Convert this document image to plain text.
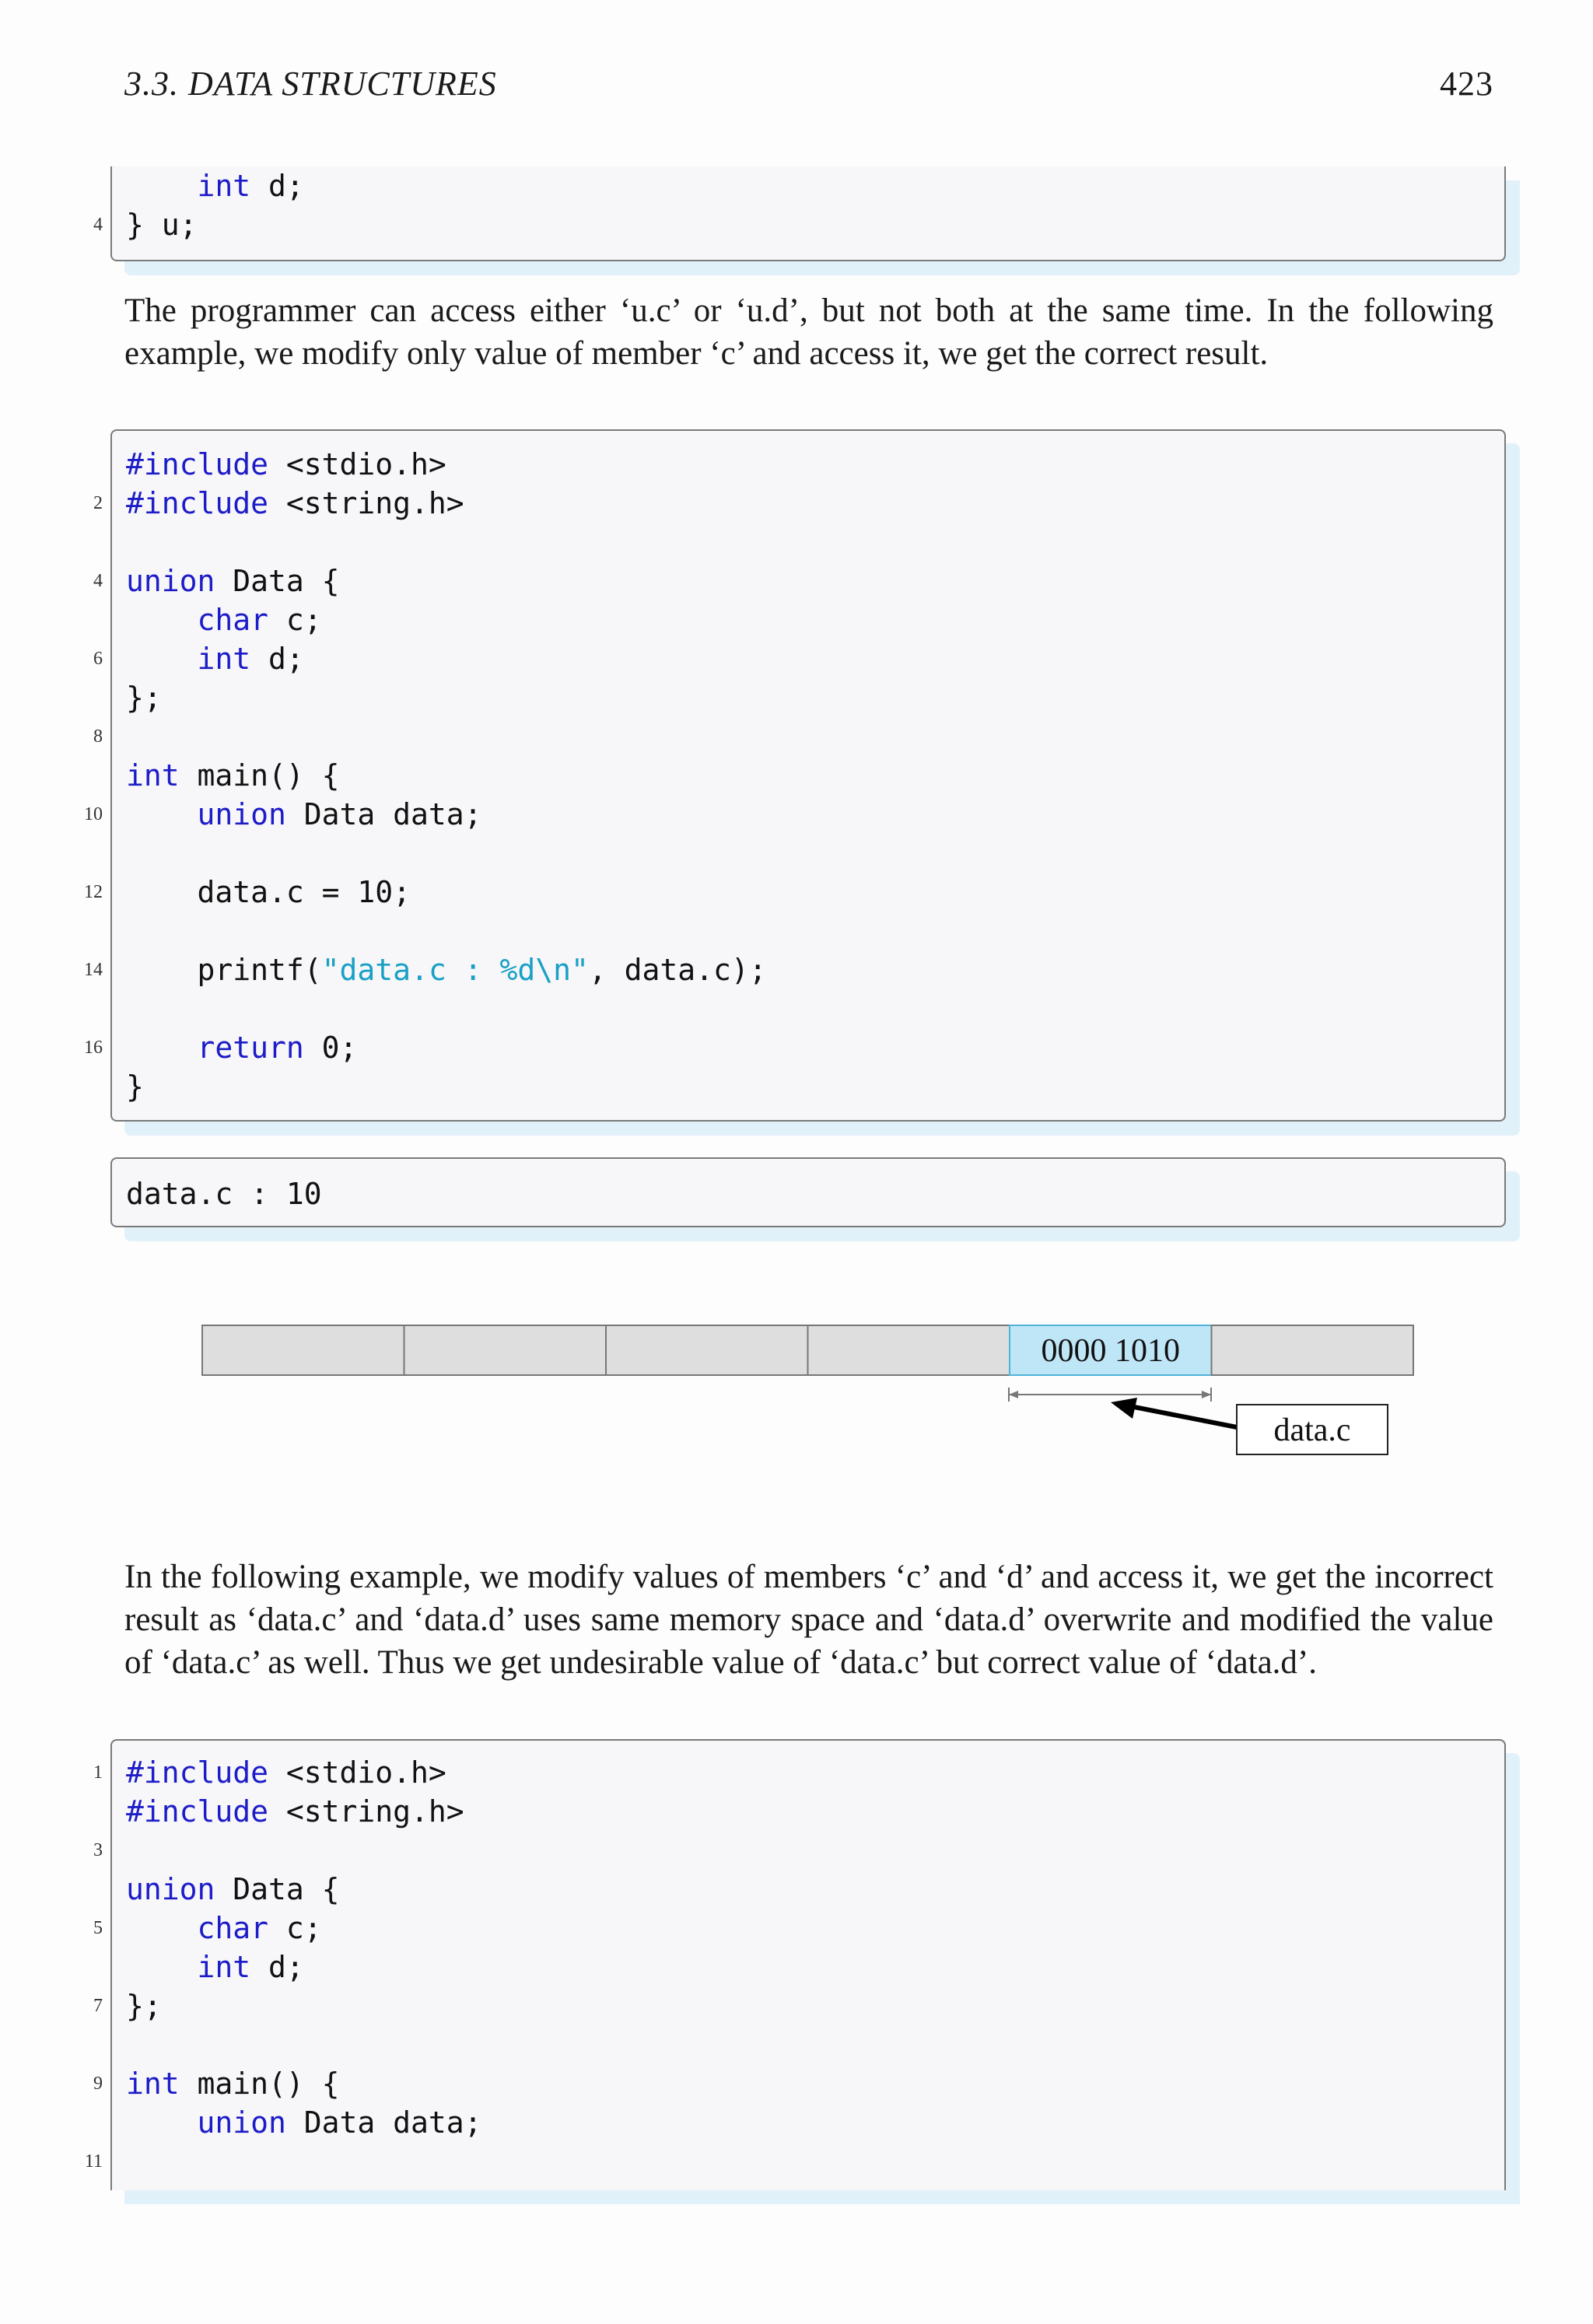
3.3. DATA STRUCTURES	423
int d;
4 } u;

The programmer can access either ‘u.c’ or ‘u.d’, but not both at the same time. In the following example, we modify only value of member ‘c’ and access it, we get the correct result.

#include <stdio.h>
2 #include <string.h>
4 union Data {
char c;
6	int d;
};
8
int main() {
10	union Data data;
12 data.c = 10;
14 printf("data.c : %d\n", data.c);
16	return 0;
}

data.c : 10

0000 1010
data.c

In the following example, we modify values of members ‘c’ and ‘d’ and access it, we get the incorrect result as ‘data.c’ and ‘data.d’ uses same memory space and ‘data.d’ overwrite and modified the value of ‘data.c’ as well. Thus we get undesirable value of ‘data.c’ but correct value of ‘data.d’.

1 #include <stdio.h>
#include <string.h>
3
union Data {
5	char c;
int d;
7 };
9 int main() {
union Data data;
11
